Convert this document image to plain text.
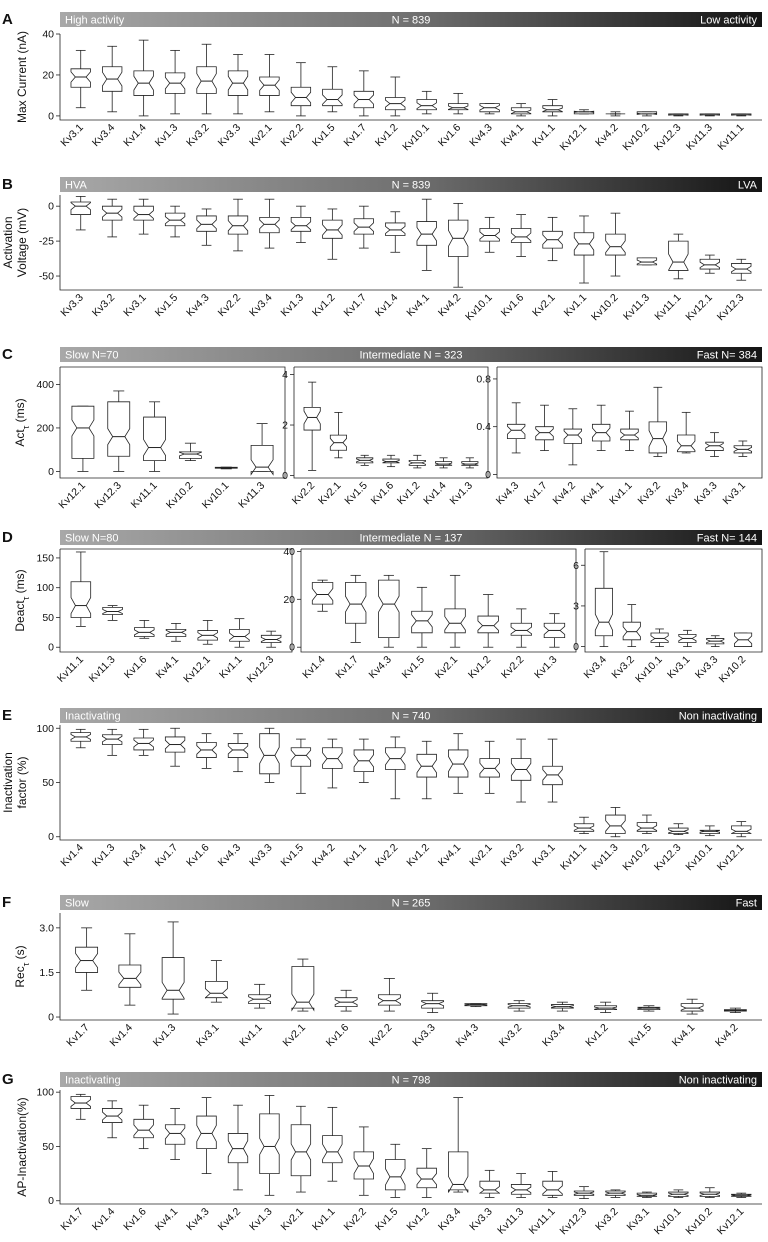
A	High activity	N = 839	Low activity
Max Current (nA) 0
20
40
Kv3.1 Kv3.4 Kv1.4 Kv1.3 Kv3.2 Kv3.3 Kv2.1 Kv2.2 Kv1.5 Kv1.7 Kv1.2 Kv10.1 Kv1.6 Kv4.3 Kv4.1 Kv1.1 Kv12.1 Kv4.2 Kv10.2 Kv12.3 Kv11.3 Kv11.1
B	HVA	N = 839	LVA
Activation Voltage (mV)
0
-25
-50
Kv3.3 Kv3.2 Kv3.1 Kv1.5 Kv4.3 Kv2.2 Kv3.4 Kv1.3 Kv1.2 Kv1.7 Kv1.4 Kv4.1 Kv4.2 Kv10.1 Kv1.6 Kv2.1 Kv1.1 Kv10.2 Kv11.3 Kv11.1 Kv12.1 Kv12.3
C	Slow N=70	Intermediate N = 323	Fast N= 384
Act$_\tau$ (ms)
0
200
400
Kv12.1 Kv12.3 Kv11.1 Kv10.2 Kv10.1 Kv11.3
0
2
4
Kv2.2
Kv2.1
Kv1.5
Kv1.6
Kv1.2
Kv1.4
Kv1.3
0
0.4
0.8
Kv4.3 Kv1.7 Kv4.2 Kv4.1 Kv1.1 Kv3.2 Kv3.4 Kv3.3 Kv3.1
D	Slow N=80	Intermediate N = 137	Fast N= 144
Deact$_\tau$ (ms)
0
50
100
150
Kv11.1 Kv11.3 Kv1.6 Kv4.1 Kv12.1 Kv1.1 Kv12.3
0
20
40
Kv1.4 Kv1.7 Kv4.3 Kv1.5 Kv2.1 Kv1.2 Kv2.2 Kv1.3
0
3
6
Kv3.4 Kv3.2
Kv10.1 Kv3.1 Kv3.3
Kv10.2
E	Inactivating	N = 740	Non inactivating
Inactivation factor (%)
0
50
100
Kv1.4 Kv1.3 Kv3.4 Kv1.7 Kv1.6 Kv4.3 Kv3.3 Kv1.5 Kv4.2 Kv1.1 Kv2.2 Kv1.2 Kv4.1 Kv2.1 Kv3.2 Kv3.1 Kv11.1 Kv11.3 Kv10.2 Kv12.3 Kv10.1 Kv12.1
F	Slow	N = 265	Fast
Rec$_\tau$ (s)
0
1.5
3.0
Kv1.7 Kv1.4 Kv1.3 Kv3.1 Kv1.1 Kv2.1 Kv1.6 Kv2.2 Kv3.3 Kv4.3 Kv3.2 Kv3.4 Kv1.2 Kv1.5 Kv4.1 Kv4.2
G	Inactivating	N = 798	Non inactivating
AP-Inactivation(%)
0
50
100
Kv1.7 Kv1.4 Kv1.6 Kv4.1 Kv4.3 Kv4.2 Kv1.3 Kv2.1 Kv1.1 Kv2.2 Kv1.5 Kv1.2 Kv3.4 Kv3.3 Kv11.3 Kv11.1 Kv12.3 Kv3.2 Kv3.1 Kv10.1 Kv10.2 Kv12.1
